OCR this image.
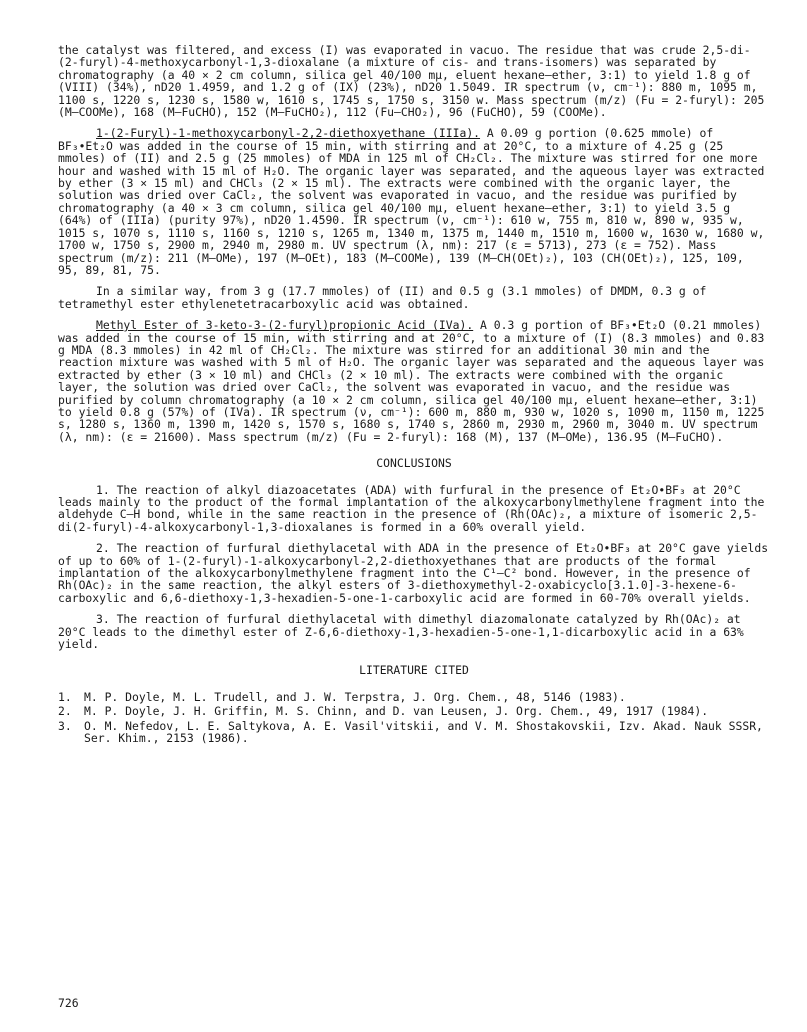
the catalyst was filtered, and excess (I) was evaporated in vacuo. The residue that was crude 2,5-di-(2-furyl)-4-methoxycarbonyl-1,3-dioxalane (a mixture of cis- and trans-isomers) was separated by chromatography (a 40 × 2 cm column, silica gel 40/100 mμ, eluent hexane–ether, 3:1) to yield 1.8 g of (VIII) (34%), nD20 1.4959, and 1.2 g of (IX) (23%), nD20 1.5049. IR spectrum (ν, cm⁻¹): 880 m, 1095 m, 1100 s, 1220 s, 1230 s, 1580 w, 1610 s, 1745 s, 1750 s, 3150 w. Mass spectrum (m/z) (Fu = 2-furyl): 205 (M–COOMe), 168 (M–FuCHO), 152 (M–FuCHO₂), 112 (Fu–CHO₂), 96 (FuCHO), 59 (COOMe).

1-(2-Furyl)-1-methoxycarbonyl-2,2-diethoxyethane (IIIa). A 0.09 g portion (0.625 mmole) of BF₃•Et₂O was added in the course of 15 min, with stirring and at 20°C, to a mixture of 4.25 g (25 mmoles) of (II) and 2.5 g (25 mmoles) of MDA in 125 ml of CH₂Cl₂. The mixture was stirred for one more hour and washed with 15 ml of H₂O. The organic layer was separated, and the aqueous layer was extracted by ether (3 × 15 ml) and CHCl₃ (2 × 15 ml). The extracts were combined with the organic layer, the solution was dried over CaCl₂, the solvent was evaporated in vacuo, and the residue was purified by chromatography (a 40 × 3 cm column, silica gel 40/100 mμ, eluent hexane–ether, 3:1) to yield 3.5 g (64%) of (IIIa) (purity 97%), nD20 1.4590. IR spectrum (ν, cm⁻¹): 610 w, 755 m, 810 w, 890 w, 935 w, 1015 s, 1070 s, 1110 s, 1160 s, 1210 s, 1265 m, 1340 m, 1375 m, 1440 m, 1510 m, 1600 w, 1630 w, 1680 w, 1700 w, 1750 s, 2900 m, 2940 m, 2980 m. UV spectrum (λ, nm): 217 (ε = 5713), 273 (ε = 752). Mass spectrum (m/z): 211 (M–OMe), 197 (M–OEt), 183 (M–COOMe), 139 (M–CH(OEt)₂), 103 (CH(OEt)₂), 125, 109, 95, 89, 81, 75.

In a similar way, from 3 g (17.7 mmoles) of (II) and 0.5 g (3.1 mmoles) of DMDM, 0.3 g of tetramethyl ester ethylenetetracarboxylic acid was obtained.

Methyl Ester of 3-keto-3-(2-furyl)propionic Acid (IVa). A 0.3 g portion of BF₃•Et₂O (0.21 mmoles) was added in the course of 15 min, with stirring and at 20°C, to a mixture of (I) (8.3 mmoles) and 0.83 g MDA (8.3 mmoles) in 42 ml of CH₂Cl₂. The mixture was stirred for an additional 30 min and the reaction mixture was washed with 5 ml of H₂O. The organic layer was separated and the aqueous layer was extracted by ether (3 × 10 ml) and CHCl₃ (2 × 10 ml). The extracts were combined with the organic layer, the solution was dried over CaCl₂, the solvent was evaporated in vacuo, and the residue was purified by column chromatography (a 10 × 2 cm column, silica gel 40/100 mμ, eluent hexane–ether, 3:1) to yield 0.8 g (57%) of (IVa). IR spectrum (ν, cm⁻¹): 600 m, 880 m, 930 w, 1020 s, 1090 m, 1150 m, 1225 s, 1280 s, 1360 m, 1390 m, 1420 s, 1570 s, 1680 s, 1740 s, 2860 m, 2930 m, 2960 m, 3040 m. UV spectrum (λ, nm): (ε = 21600). Mass spectrum (m/z) (Fu = 2-furyl): 168 (M), 137 (M–OMe), 136.95 (M–FuCHO).

CONCLUSIONS

1. The reaction of alkyl diazoacetates (ADA) with furfural in the presence of Et₂O•BF₃ at 20°C leads mainly to the product of the formal implantation of the alkoxycarbonylmethylene fragment into the aldehyde C–H bond, while in the same reaction in the presence of (Rh(OAc)₂, a mixture of isomeric 2,5-di(2-furyl)-4-alkoxycarbonyl-1,3-dioxalanes is formed in a 60% overall yield.

2. The reaction of furfural diethylacetal with ADA in the presence of Et₂O•BF₃ at 20°C gave yields of up to 60% of 1-(2-furyl)-1-alkoxycarbonyl-2,2-diethoxyethanes that are products of the formal implantation of the alkoxycarbonylmethylene fragment into the C¹–C² bond. However, in the presence of Rh(OAc)₂ in the same reaction, the alkyl esters of 3-diethoxymethyl-2-oxabicyclo[3.1.0]-3-hexene-6-carboxylic and 6,6-diethoxy-1,3-hexadien-5-one-1-carboxylic acid are formed in 60-70% overall yields.

3. The reaction of furfural diethylacetal with dimethyl diazomalonate catalyzed by Rh(OAc)₂ at 20°C leads to the dimethyl ester of Z-6,6-diethoxy-1,3-hexadien-5-one-1,1-dicarboxylic acid in a 63% yield.

LITERATURE CITED
1. M. P. Doyle, M. L. Trudell, and J. W. Terpstra, J. Org. Chem., 48, 5146 (1983).
2. M. P. Doyle, J. H. Griffin, M. S. Chinn, and D. van Leusen, J. Org. Chem., 49, 1917 (1984).
3. O. M. Nefedov, L. E. Saltykova, A. E. Vasil'vitskii, and V. M. Shostakovskii, Izv. Akad. Nauk SSSR, Ser. Khim., 2153 (1986).
726
